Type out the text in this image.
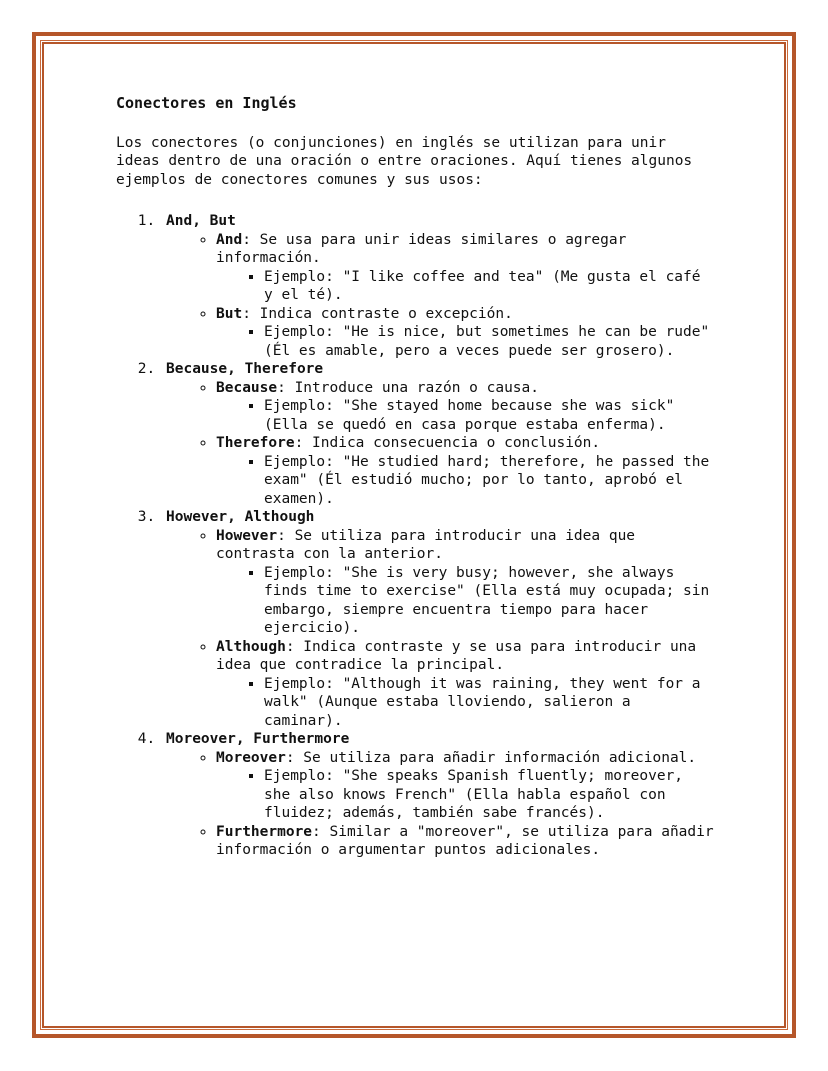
Conectores en Inglés

Los conectores (o conjunciones) en inglés se utilizan para unir ideas dentro de una oración o entre oraciones. Aquí tienes algunos ejemplos de conectores comunes y sus usos:

1. And, But
◦ And: Se usa para unir ideas similares o agregar información.
▪ Ejemplo: "I like coffee and tea" (Me gusta el café y el té).
◦ But: Indica contraste o excepción.
▪ Ejemplo: "He is nice, but sometimes he can be rude" (Él es amable, pero a veces puede ser grosero).
2. Because, Therefore
◦ Because: Introduce una razón o causa.
▪ Ejemplo: "She stayed home because she was sick" (Ella se quedó en casa porque estaba enferma).
◦ Therefore: Indica consecuencia o conclusión.
▪ Ejemplo: "He studied hard; therefore, he passed the exam" (Él estudió mucho; por lo tanto, aprobó el examen).
3. However, Although
◦ However: Se utiliza para introducir una idea que contrasta con la anterior.
▪ Ejemplo: "She is very busy; however, she always finds time to exercise" (Ella está muy ocupada; sin embargo, siempre encuentra tiempo para hacer ejercicio).
◦ Although: Indica contraste y se usa para introducir una idea que contradice la principal.
▪ Ejemplo: "Although it was raining, they went for a walk" (Aunque estaba lloviendo, salieron a caminar).
4. Moreover, Furthermore
◦ Moreover: Se utiliza para añadir información adicional.
▪ Ejemplo: "She speaks Spanish fluently; moreover, she also knows French" (Ella habla español con fluidez; además, también sabe francés).
◦ Furthermore: Similar a "moreover", se utiliza para añadir información o argumentar puntos adicionales.
